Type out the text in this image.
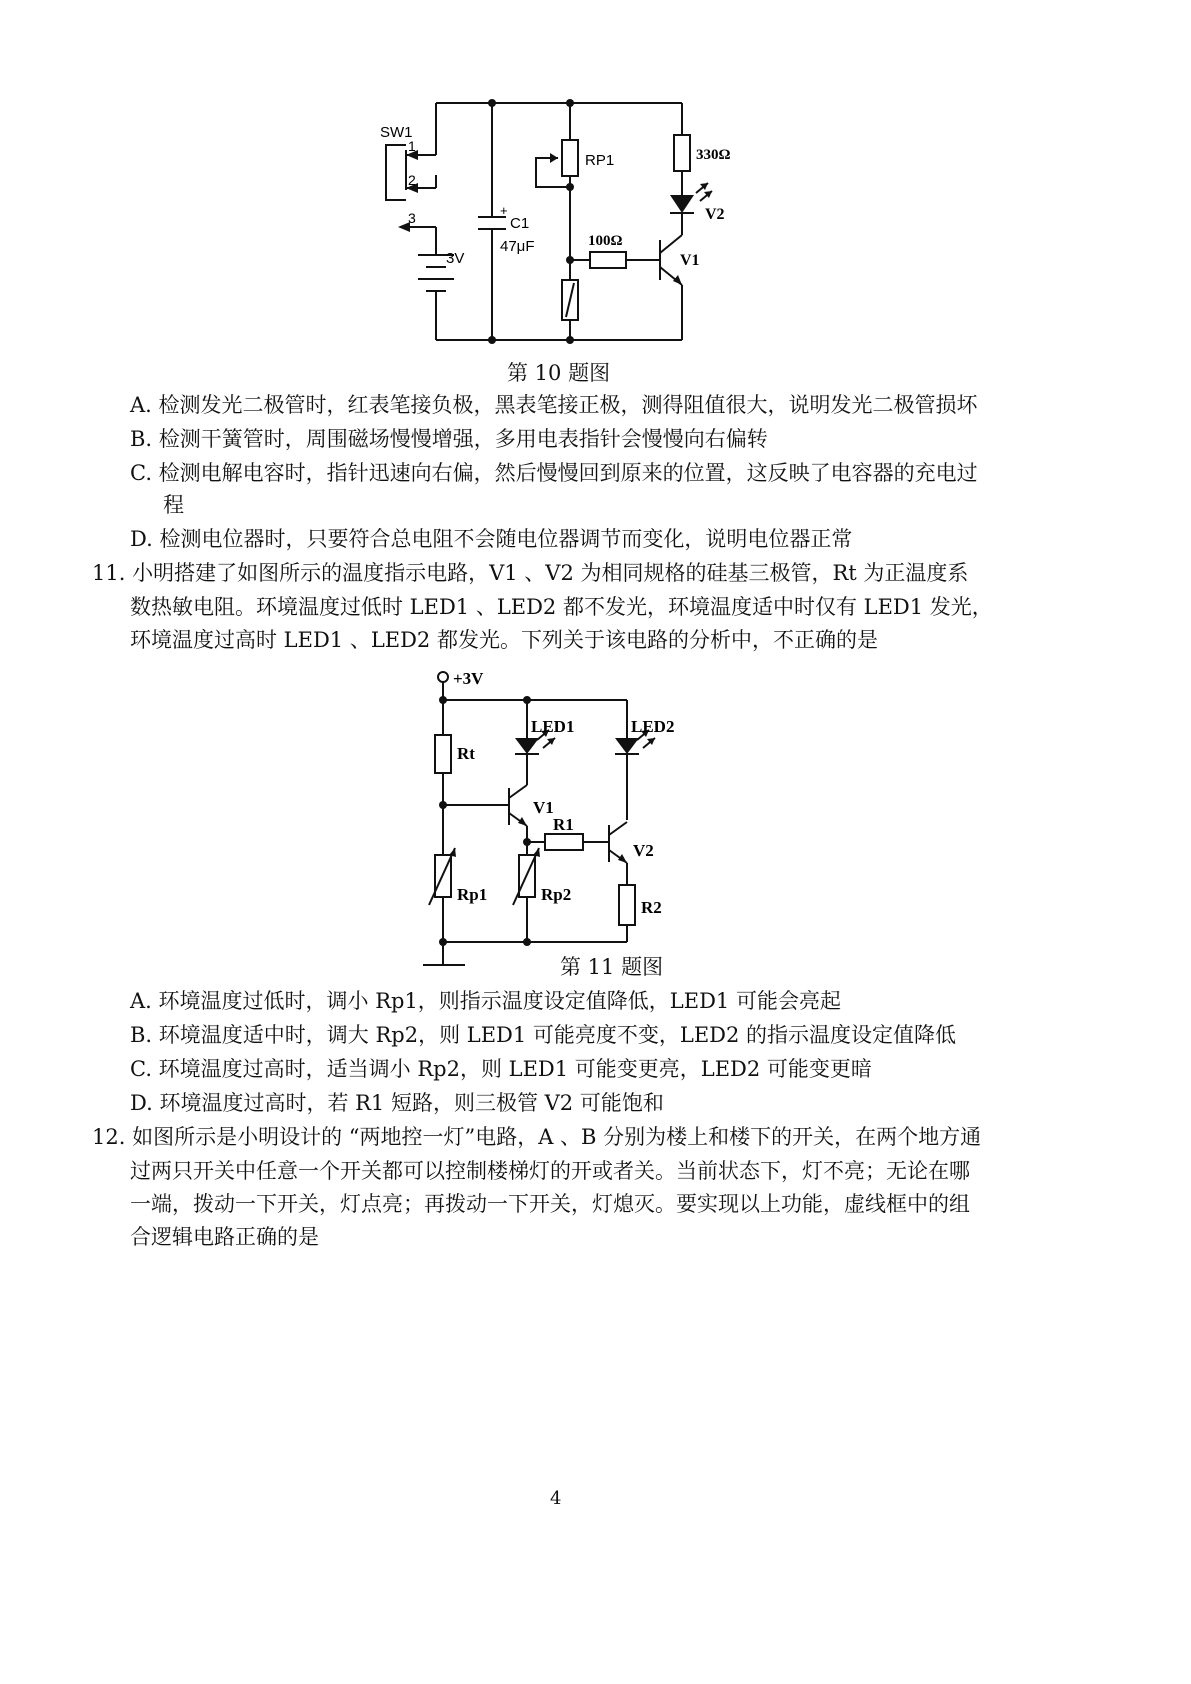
SW1
1
2
3
3V
+
C1
47μF
RP1	330Ω
V2
100Ω
V1
第 10 题图
A. 检测发光二极管时，红表笔接负极，黑表笔接正极，测得阻值很大，说明发光二极管损坏
B. 检测干簧管时，周围磁场慢慢增强，多用电表指针会慢慢向右偏转
C. 检测电解电容时，指针迅速向右偏，然后慢慢回到原来的位置，这反映了电容器的充电过
程
D. 检测电位器时，只要符合总电阻不会随电位器调节而变化，说明电位器正常
11. 小明搭建了如图所示的温度指示电路，V1 、V2 为相同规格的硅基三极管，Rt 为正温度系
数热敏电阻。环境温度过低时 LED1 、LED2 都不发光，环境温度适中时仅有 LED1 发光，
环境温度过高时 LED1 、LED2 都发光。下列关于该电路的分析中，不正确的是
+3V
Rt
LED1	LED2
V1
R1
V2
Rp1	Rp2
R2
第 11 题图
A. 环境温度过低时，调小 Rp1，则指示温度设定值降低，LED1 可能会亮起
B. 环境温度适中时，调大 Rp2，则 LED1 可能亮度不变，LED2 的指示温度设定值降低
C. 环境温度过高时，适当调小 Rp2，则 LED1 可能变更亮，LED2 可能变更暗
D. 环境温度过高时，若 R1 短路，则三极管 V2 可能饱和
12. 如图所示是小明设计的 “两地控一灯”电路，A 、B 分别为楼上和楼下的开关，在两个地方通
过两只开关中任意一个开关都可以控制楼梯灯的开或者关。当前状态下，灯不亮；无论在哪
一端，拨动一下开关，灯点亮；再拨动一下开关，灯熄灭。要实现以上功能，虚线框中的组
合逻辑电路正确的是
4
